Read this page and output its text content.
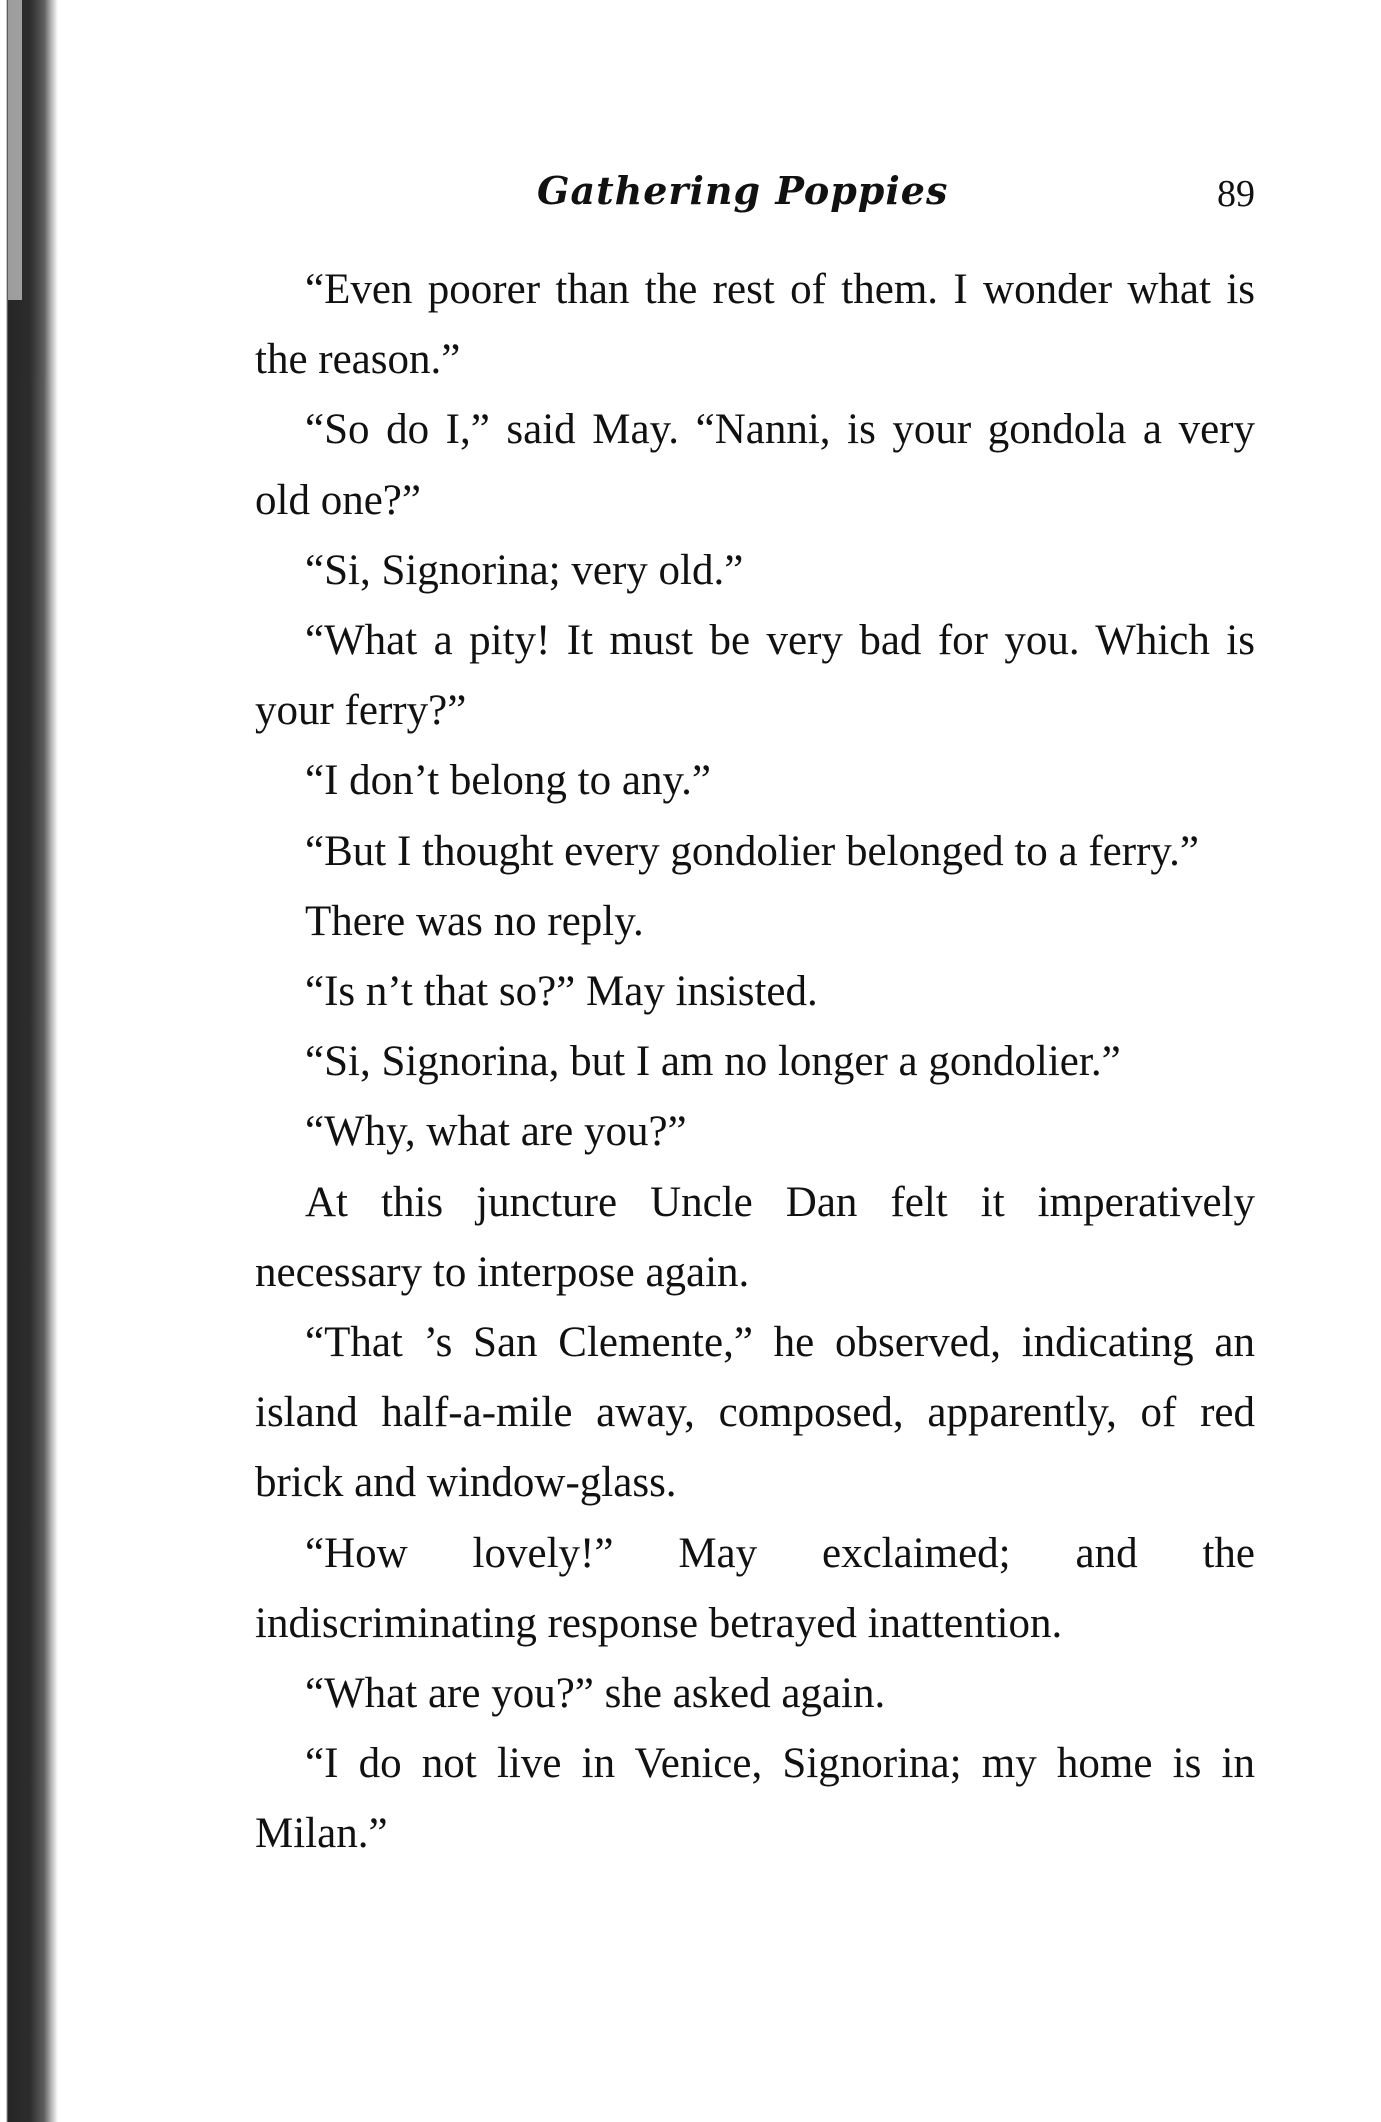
Gathering Poppies	89

“Even poorer than the rest of them. I wonder what is the reason.”

“So do I,” said May. “Nanni, is your gondola a very old one?”

“Si, Signorina; very old.”

“What a pity! It must be very bad for you. Which is your ferry?”

“I don’t belong to any.”

“But I thought every gondolier belonged to a ferry.”

There was no reply.

“Is n’t that so?” May insisted.

“Si, Signorina, but I am no longer a gondolier.”

“Why, what are you?”

At this juncture Uncle Dan felt it imperatively necessary to interpose again.

“That ’s San Clemente,” he observed, indicating an island half-a-mile away, composed, apparently, of red brick and window-glass.

“How lovely!” May exclaimed; and the indiscriminating response betrayed inattention.

“What are you?” she asked again.

“I do not live in Venice, Signorina; my home is in Milan.”
